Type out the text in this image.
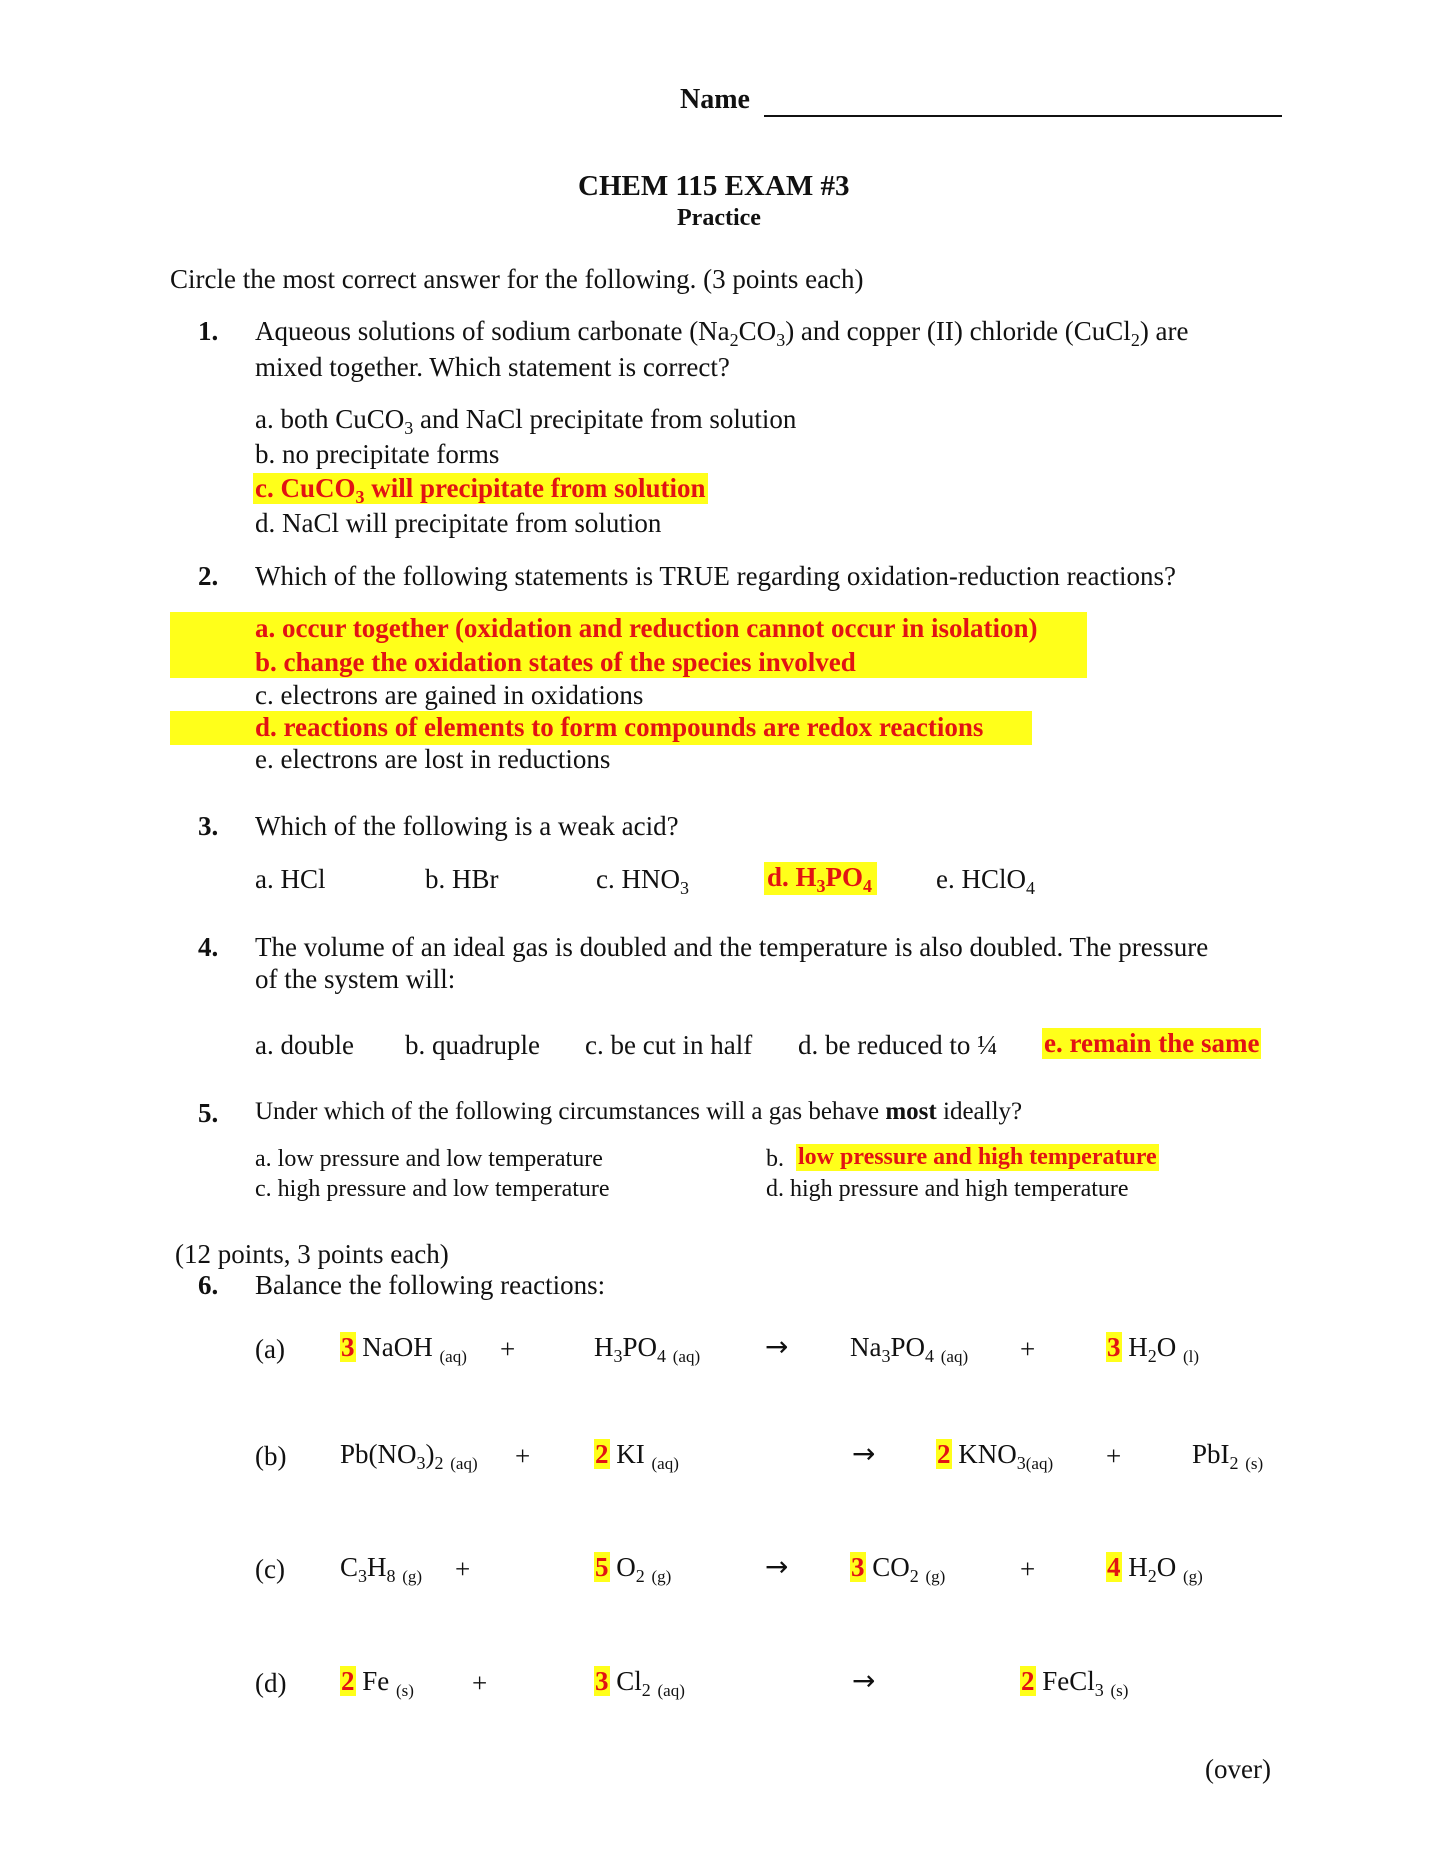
Name
CHEM 115 EXAM #3
Practice
Circle the most correct answer for the following. (3 points each)
1. Aqueous solutions of sodium carbonate $(Na_2CO_3)$ and copper (II) chloride (CuCl$_2$) are
mixed together. Which statement is correct?
a. both CuCO$_3$ and NaCl precipitate from solution
b. no precipitate forms
c. CuCO$_3$ will precipitate from solution
d. NaCl will precipitate from solution
2. Which of the following statements is TRUE regarding oxidation-reduction reactions?
a. occur together (oxidation and reduction cannot occur in isolation)
b. change the oxidation states of the species involved
c. electrons are gained in oxidations
d. reactions of elements to form compounds are redox reactions
e. electrons are lost in reductions
3. Which of the following is a weak acid?
a. HCl	b. HBr	c. $HNO_3$	d. $H_3PO_4$ e. HClO$_4$
4. The volume of an ideal gas is doubled and the temperature is also doubled. The pressure
of the system will:
a. double b. quadruple c. be cut in half d. be reduced to ¼ e. remain the same
5. Under which of the following circumstances will a gas behave most ideally?
a. low pressure and low temperature	b. low pressure and high temperature
c. high pressure and low temperature	d. high pressure and high temperature
(12 points, 3 points each)
6. Balance the following reactions:
(a) 3 NaOH $_{(aq)}$ +	$H_3PO_4$ $_{(aq)} \to Na_3PO_4$ $_{(aq)}$ +	3 $H_2O$ $_{(l)}$
(b) $Pb(NO_3)_2$ $_{(aq)}$ + 2 KI $_{(aq)}$	→ 2 $KNO_{3(aq)}$ +	PbI$_2$ $_{(s)}$
(c) $C_3H_8$ $_{(g)}$ +	5 $O_2$ $_{(g)}$	→ 3 $CO_2$ $_{(g)}$	+	4 $H_2O$ $_{(g)}$
(d) 2 Fe $_{(s)}$ +	3 $Cl_2$ $_{(aq)}$	→	2 FeCl$_3$ $_{(s)}$
(over)
